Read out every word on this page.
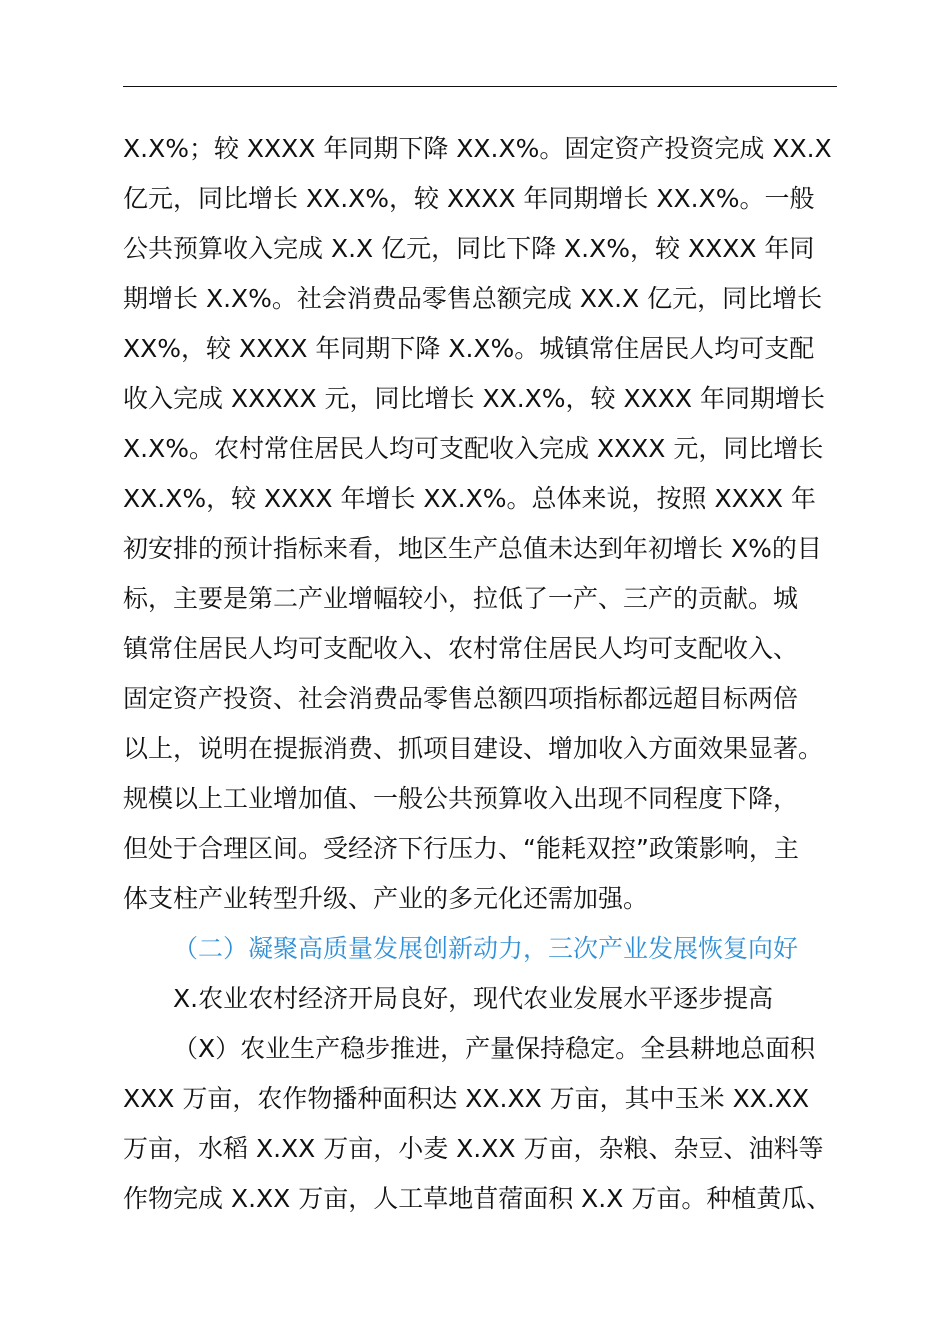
X.X%；较 XXXX 年同期下降 XX.X%。固定资产投资完成 XX.X
亿元，同比增长 XX.X%，较 XXXX 年同期增长 XX.X%。一般
公共预算收入完成 X.X 亿元，同比下降 X.X%，较 XXXX 年同
期增长 X.X%。社会消费品零售总额完成 XX.X 亿元，同比增长
XX%，较 XXXX 年同期下降 X.X%。城镇常住居民人均可支配
收入完成 XXXXX 元，同比增长 XX.X%，较 XXXX 年同期增长
X.X%。农村常住居民人均可支配收入完成 XXXX 元，同比增长
XX.X%，较 XXXX 年增长 XX.X%。总体来说，按照 XXXX 年
初安排的预计指标来看，地区生产总值未达到年初增长 X%的目
标，主要是第二产业增幅较小，拉低了一产、三产的贡献。城
镇常住居民人均可支配收入、农村常住居民人均可支配收入、
固定资产投资、社会消费品零售总额四项指标都远超目标两倍
以上，说明在提振消费、抓项目建设、增加收入方面效果显著。
规模以上工业增加值、一般公共预算收入出现不同程度下降，
但处于合理区间。受经济下行压力、“能耗双控”政策影响，主
体支柱产业转型升级、产业的多元化还需加强。
（二）凝聚高质量发展创新动力，三次产业发展恢复向好
X.农业农村经济开局良好，现代农业发展水平逐步提高
（X）农业生产稳步推进，产量保持稳定。全县耕地总面积
XXX 万亩，农作物播种面积达 XX.XX 万亩，其中玉米 XX.XX
万亩，水稻 X.XX 万亩，小麦 X.XX 万亩，杂粮、杂豆、油料等
作物完成 X.XX 万亩，人工草地苜蓿面积 X.X 万亩。种植黄瓜、
